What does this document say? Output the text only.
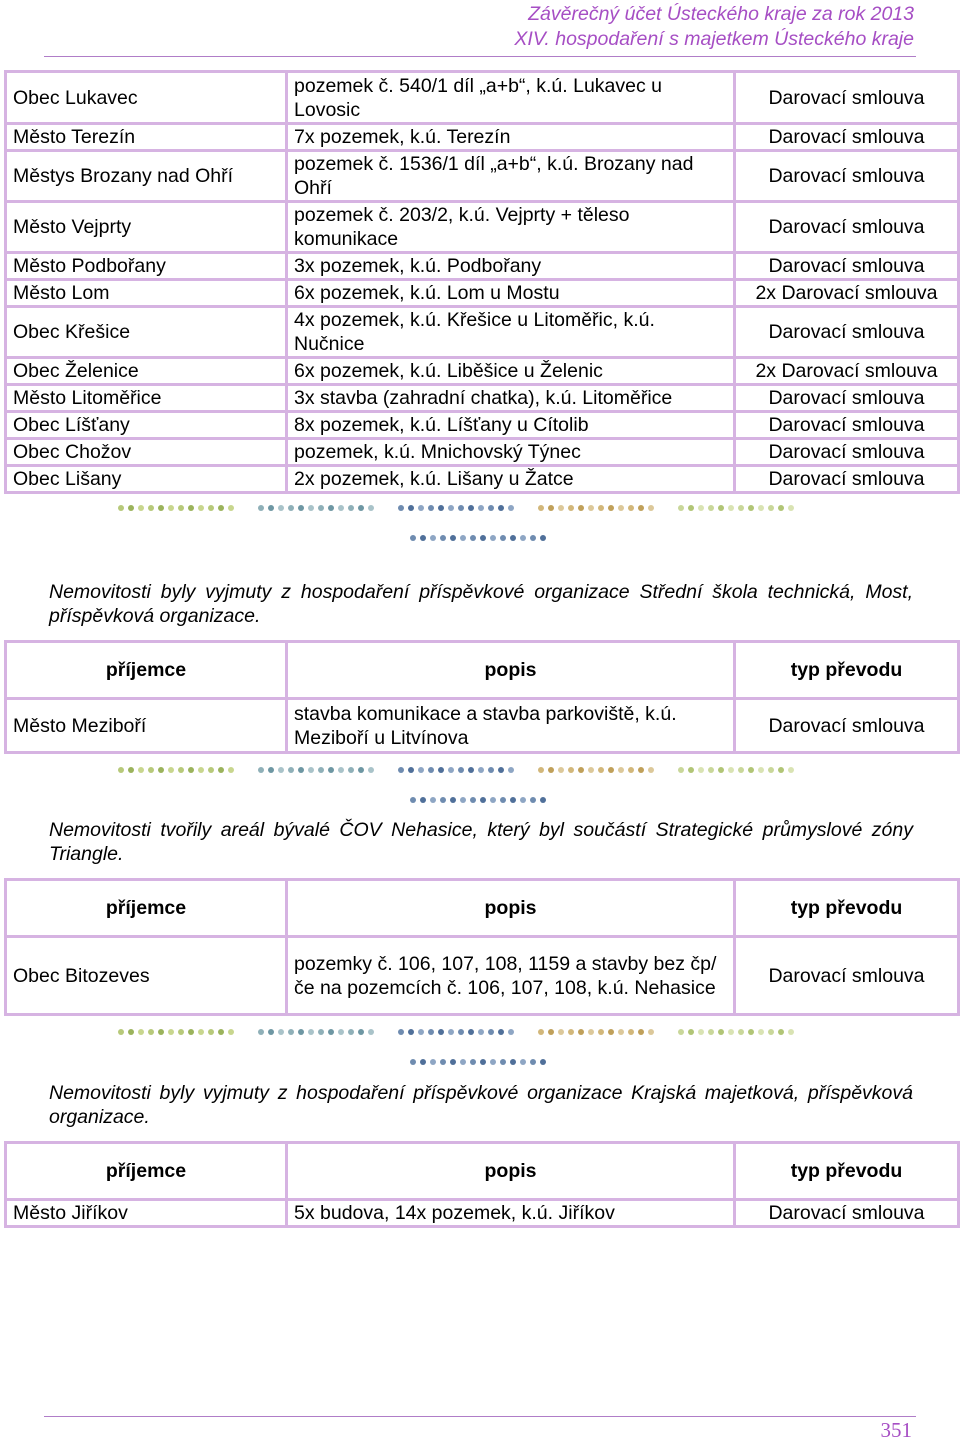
Závěrečný účet Ústeckého kraje za rok 2013
XIV. hospodaření s majetkem Ústeckého kraje
Obec Lukavec	pozemek č. 540/1 díl „a+b“, k.ú. Lukavec u Lovosic	Darovací smlouva
Město Terezín	7x pozemek, k.ú. Terezín	Darovací smlouva
Městys Brozany nad Ohří	pozemek č. 1536/1 díl „a+b“, k.ú. Brozany nad Ohří	Darovací smlouva
Město Vejprty	pozemek č. 203/2, k.ú. Vejprty + těleso komunikace	Darovací smlouva
Město Podbořany	3x pozemek, k.ú. Podbořany	Darovací smlouva
Město Lom	6x pozemek, k.ú. Lom u Mostu	2x Darovací smlouva
Obec Křešice	4x pozemek, k.ú. Křešice u Litoměřic, k.ú. Nučnice	Darovací smlouva
Obec Želenice	6x pozemek, k.ú. Liběšice u Želenic	2x Darovací smlouva
Město Litoměřice	3x stavba (zahradní chatka), k.ú. Litoměřice	Darovací smlouva
Obec Líšťany	8x pozemek, k.ú. Líšťany u Cítolib	Darovací smlouva
Obec Chožov	pozemek, k.ú. Mnichovský Týnec	Darovací smlouva
Obec Lišany	2x pozemek, k.ú. Lišany u Žatce	Darovací smlouva

Nemovitosti byly vyjmuty z hospodaření příspěvkové organizace Střední škola technická, Most, příspěvková organizace.

příjemce	popis	typ převodu
Město Meziboří	stavba komunikace a stavba parkoviště, k.ú. Meziboří u Litvínova	Darovací smlouva

Nemovitosti tvořily areál bývalé ČOV Nehasice, který byl součástí Strategické průmyslové zóny Triangle.

příjemce	popis	typ převodu
Obec Bitozeves	pozemky č. 106, 107, 108, 1159 a stavby bez čp/če na pozemcích č. 106, 107, 108, k.ú. Nehasice	Darovací smlouva

Nemovitosti byly vyjmuty z hospodaření příspěvkové organizace Krajská majetková, příspěvková organizace.

příjemce	popis	typ převodu
Město Jiříkov	5x budova, 14x pozemek, k.ú. Jiříkov	Darovací smlouva
351
